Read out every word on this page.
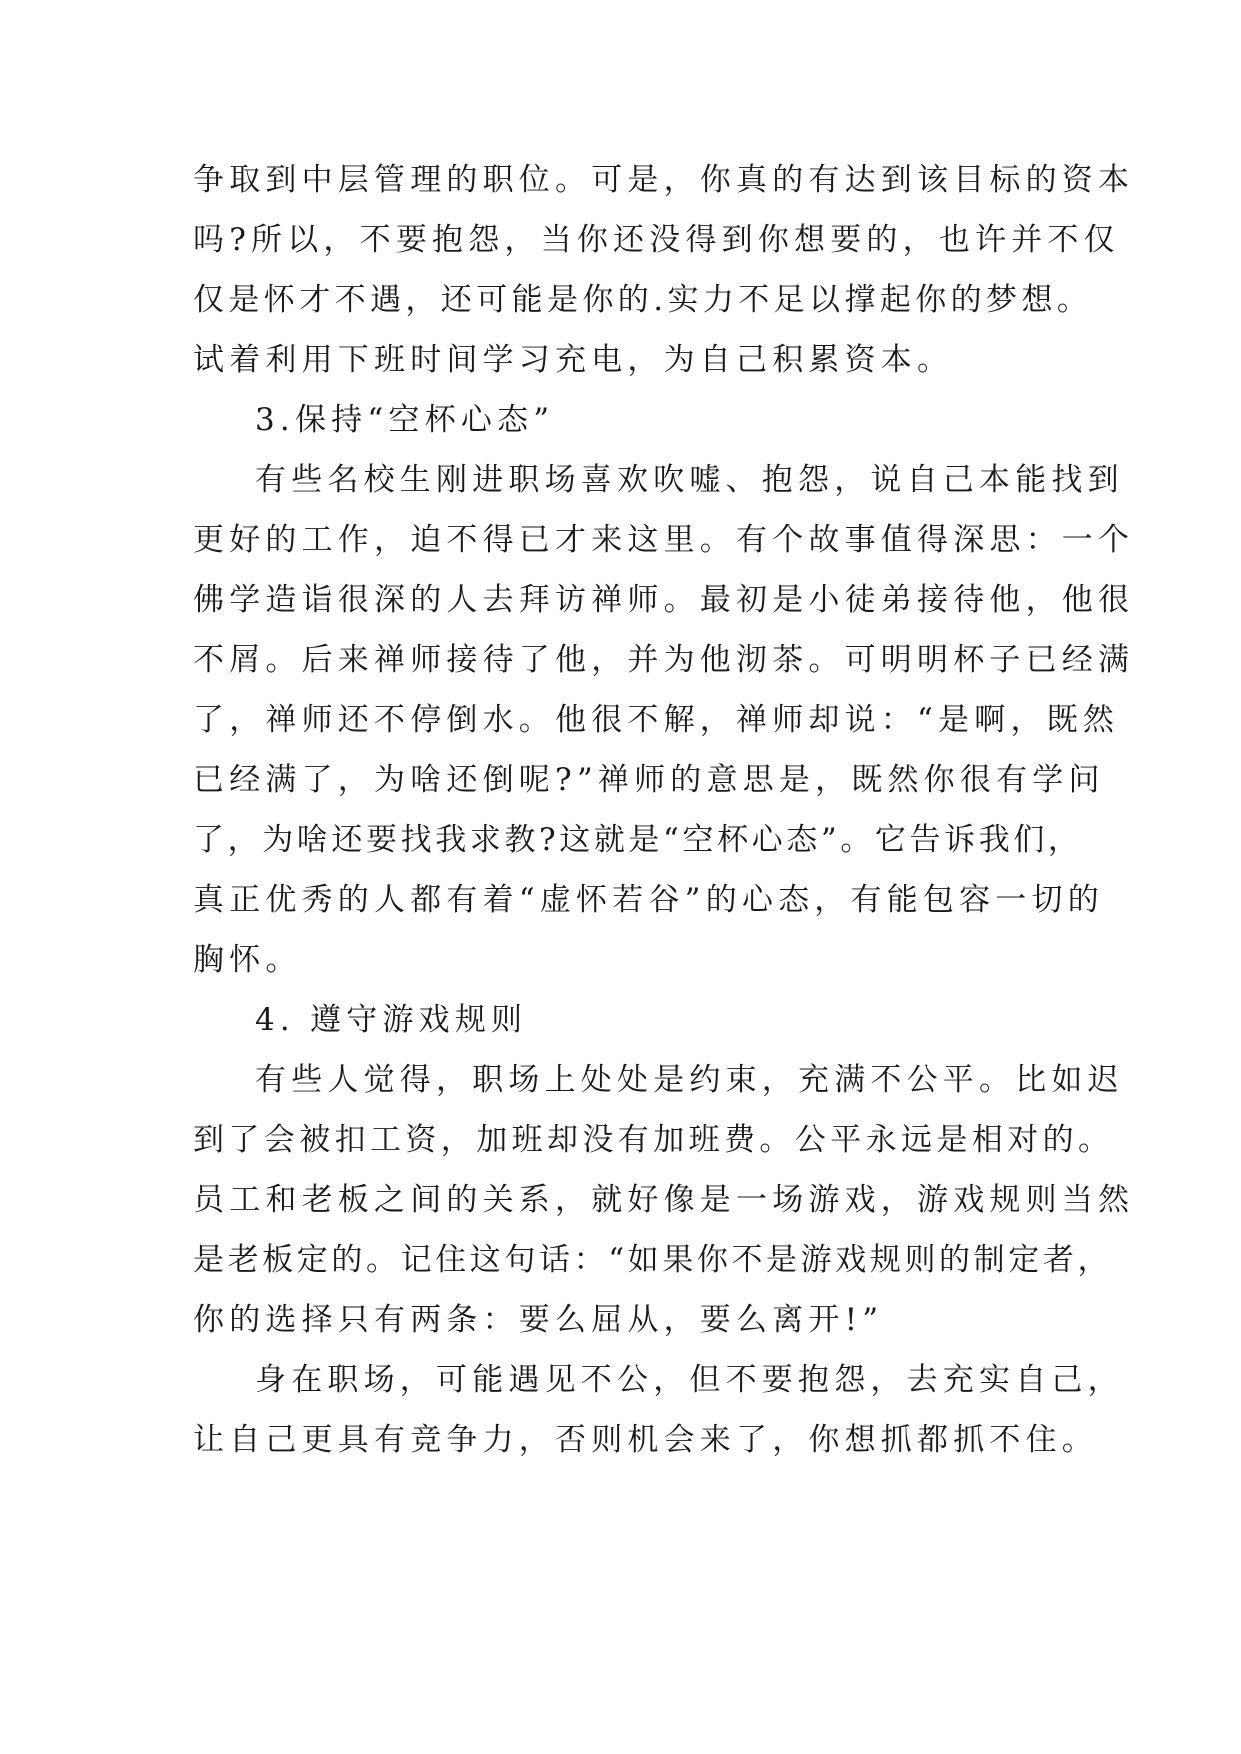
争取到中层管理的职位。可是，你真的有达到该目标的资本
吗?所以，不要抱怨，当你还没得到你想要的，也许并不仅
仅是怀才不遇，还可能是你的.实力不足以撑起你的梦想。
试着利用下班时间学习充电，为自己积累资本。
3.保持“空杯心态”
有些名校生刚进职场喜欢吹嘘、抱怨，说自己本能找到
更好的工作，迫不得已才来这里。有个故事值得深思：一个
佛学造诣很深的人去拜访禅师。最初是小徒弟接待他，他很
不屑。后来禅师接待了他，并为他沏茶。可明明杯子已经满
了，禅师还不停倒水。他很不解，禅师却说：“是啊，既然
已经满了，为啥还倒呢?”禅师的意思是，既然你很有学问
了，为啥还要找我求教?这就是“空杯心态”。它告诉我们，
真正优秀的人都有着“虚怀若谷”的心态，有能包容一切的
胸怀。
4. 遵守游戏规则
有些人觉得，职场上处处是约束，充满不公平。比如迟
到了会被扣工资，加班却没有加班费。公平永远是相对的。
员工和老板之间的关系，就好像是一场游戏，游戏规则当然
是老板定的。记住这句话：“如果你不是游戏规则的制定者，
你的选择只有两条：要么屈从，要么离开!”
身在职场，可能遇见不公，但不要抱怨，去充实自己，
让自己更具有竞争力，否则机会来了，你想抓都抓不住。
